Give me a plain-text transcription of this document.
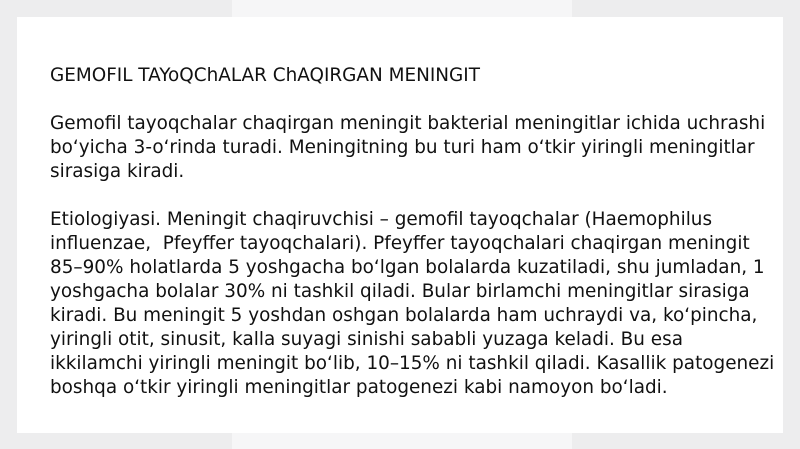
GEMOFIL TAYoQChALAR ChAQIRGAN MENINGIT

Gemofil tayoqchalar chaqirgan meningit bakterial meningitlar ichida uchrashi bo‘yicha 3-o‘rinda turadi. Meningitning bu turi ham o‘tkir yiringli meningitlar sirasiga kiradi.

Etiologiyasi. Meningit chaqiruvchisi – gemofil tayoqchalar (Haemophilus influenzae,  Pfeyffer tayoqchalari). Pfeyffer tayoqchalari chaqirgan meningit 85–90% holatlarda 5 yoshgacha bo‘lgan bolalarda kuzatiladi, shu jumladan, 1 yoshgacha bolalar 30% ni tashkil qiladi. Bular birlamchi meningitlar sirasiga kiradi. Bu meningit 5 yoshdan oshgan bolalarda ham uchraydi va, ko‘pincha, yiringli otit, sinusit, kalla suyagi sinishi sababli yuzaga keladi. Bu esa ikkilamchi yiringli meningit bo‘lib, 10–15% ni tashkil qiladi. Kasallik patogenezi boshqa o‘tkir yiringli meningitlar patogenezi kabi namoyon bo‘ladi.
